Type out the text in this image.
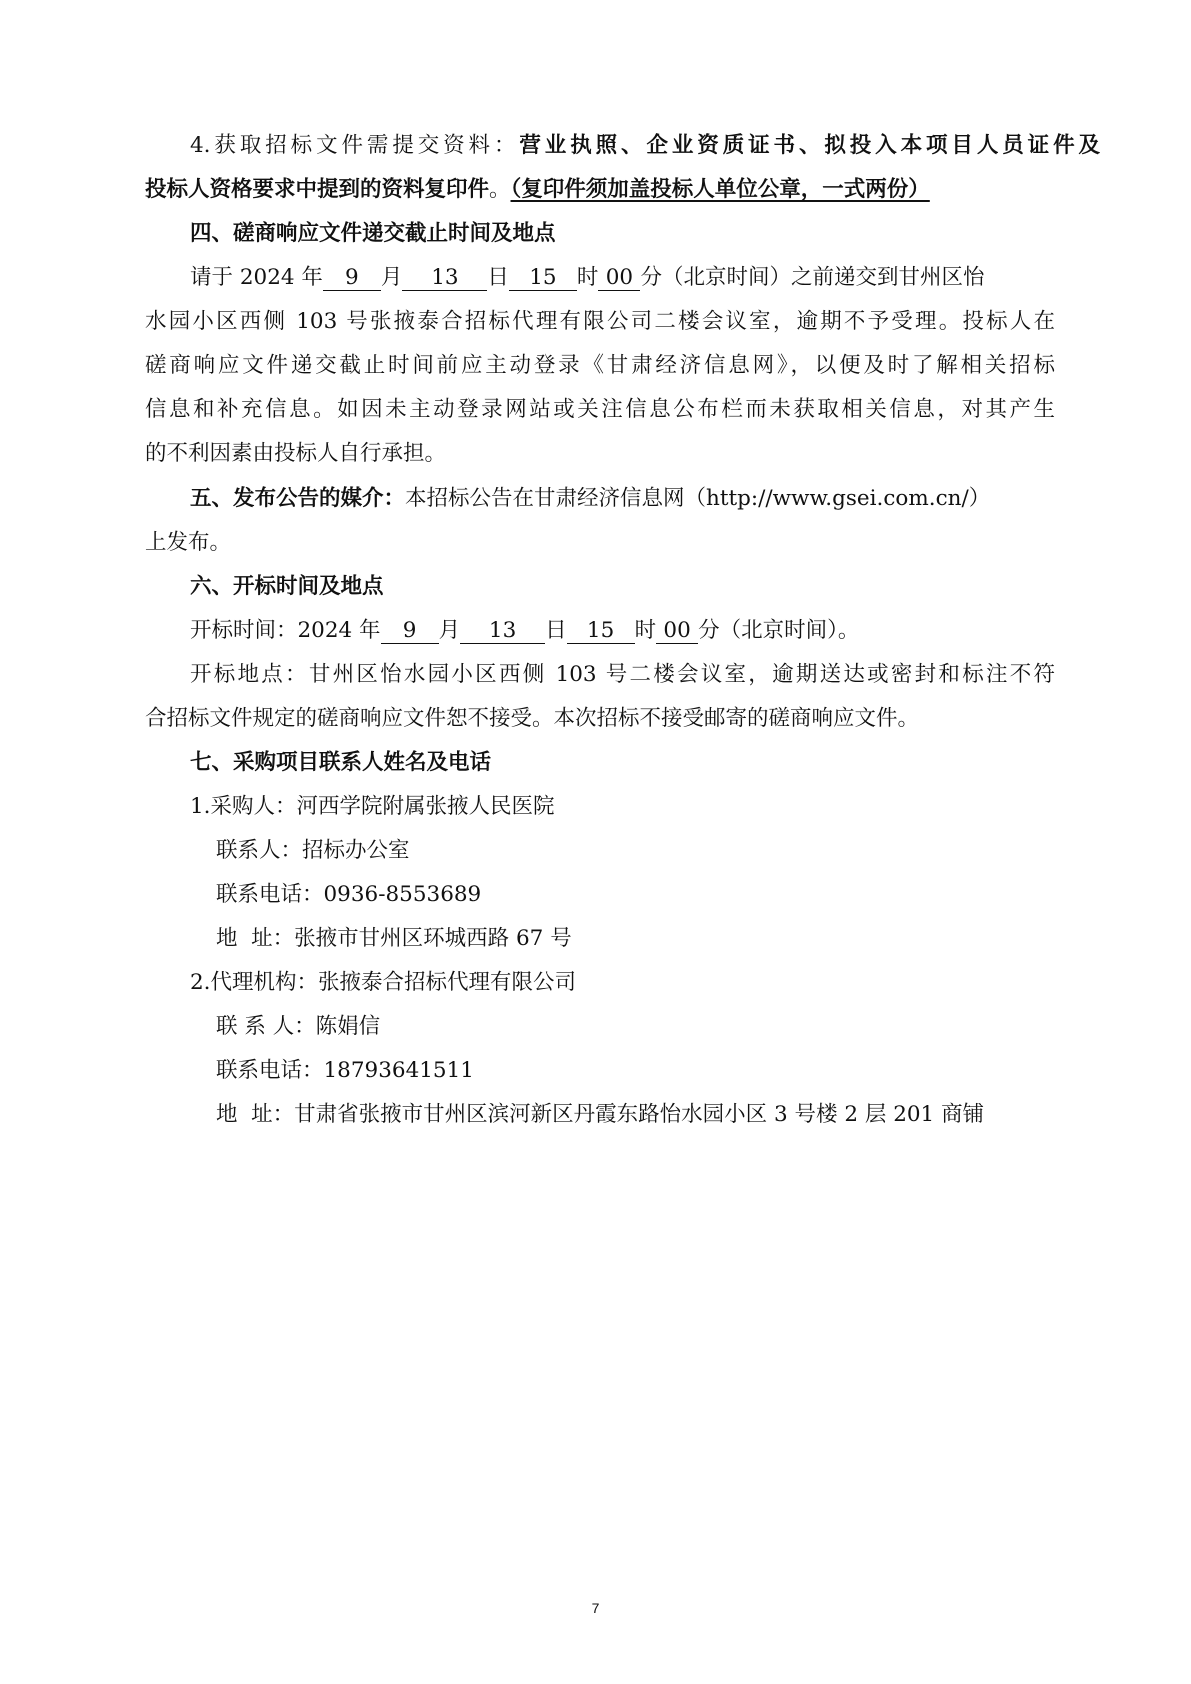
4.获取招标文件需提交资料：营业执照、企业资质证书、拟投入本项目人员证件及
投标人资格要求中提到的资料复印件。（复印件须加盖投标人单位公章，一式两份）
四、磋商响应文件递交截止时间及地点
请于 2024 年 9 月 13 日 15 时 00 分（北京时间）之前递交到甘州区怡
水园小区西侧 103 号张掖泰合招标代理有限公司二楼会议室，逾期不予受理。投标人在
磋商响应文件递交截止时间前应主动登录《甘肃经济信息网》，以便及时了解相关招标
信息和补充信息。如因未主动登录网站或关注信息公布栏而未获取相关信息，对其产生
的不利因素由投标人自行承担。
五、发布公告的媒介：本招标公告在甘肃经济信息网（http://www.gsei.com.cn/）
上发布。
六、开标时间及地点
开标时间：2024 年 9 月 13 日 15 时 00 分（北京时间）。
开标地点：甘州区怡水园小区西侧 103 号二楼会议室，逾期送达或密封和标注不符
合招标文件规定的磋商响应文件恕不接受。本次招标不接受邮寄的磋商响应文件。
七、采购项目联系人姓名及电话
1.采购人：河西学院附属张掖人民医院
联系人：招标办公室
联系电话：0936-8553689
地  址：张掖市甘州区环城西路 67 号
2.代理机构：张掖泰合招标代理有限公司
联 系 人：陈娟信
联系电话：18793641511
地  址：甘肃省张掖市甘州区滨河新区丹霞东路怡水园小区 3 号楼 2 层 201 商铺
7
